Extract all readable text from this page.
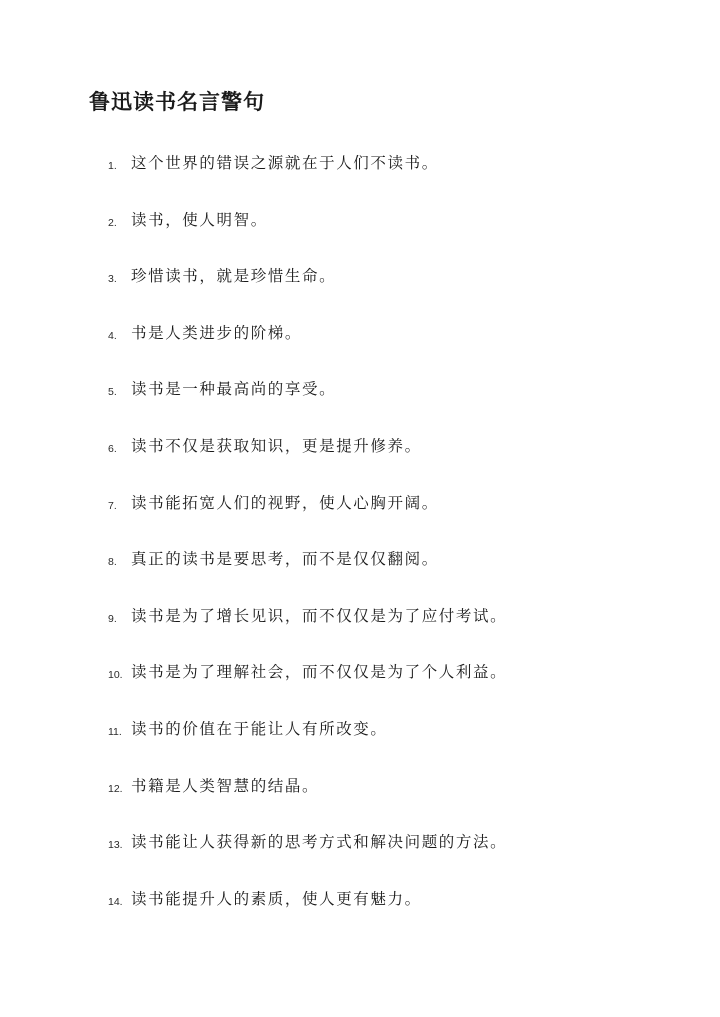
鲁迅读书名言警句
1. 这个世界的错误之源就在于人们不读书。
2. 读书，使人明智。
3. 珍惜读书，就是珍惜生命。
4. 书是人类进步的阶梯。
5. 读书是一种最高尚的享受。
6. 读书不仅是获取知识，更是提升修养。
7. 读书能拓宽人们的视野，使人心胸开阔。
8. 真正的读书是要思考，而不是仅仅翻阅。
9. 读书是为了增长见识，而不仅仅是为了应付考试。
10. 读书是为了理解社会，而不仅仅是为了个人利益。
11. 读书的价值在于能让人有所改变。
12. 书籍是人类智慧的结晶。
13. 读书能让人获得新的思考方式和解决问题的方法。
14. 读书能提升人的素质，使人更有魅力。
